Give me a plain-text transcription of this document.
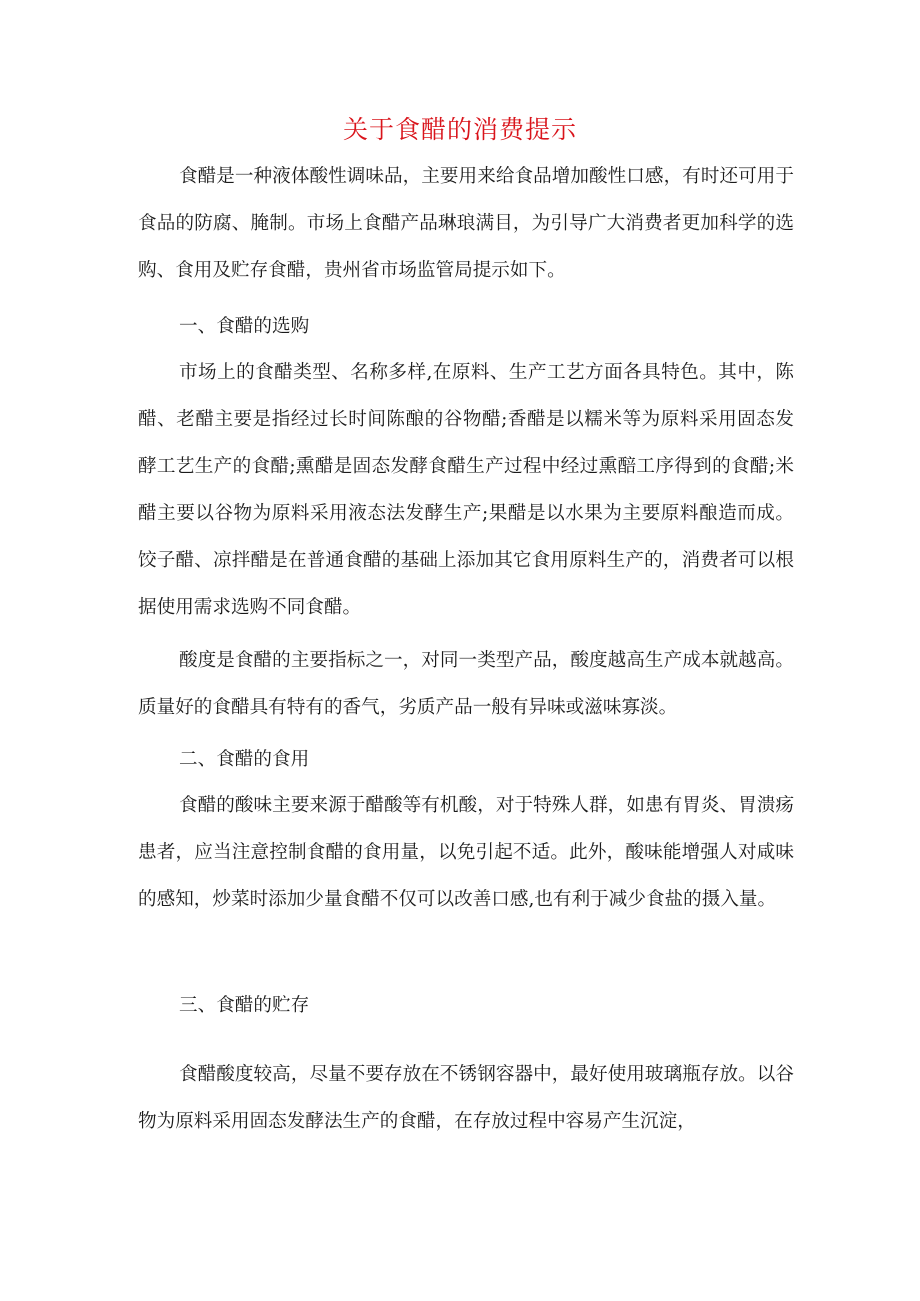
关于食醋的消费提示

食醋是一种液体酸性调味品，主要用来给食品增加酸性口感，有时还可用于食品的防腐、腌制。市场上食醋产品琳琅满目，为引导广大消费者更加科学的选购、食用及贮存食醋，贵州省市场监管局提示如下。

一、食醋的选购

市场上的食醋类型、名称多样,在原料、生产工艺方面各具特色。其中，陈醋、老醋主要是指经过长时间陈酿的谷物醋;香醋是以糯米等为原料采用固态发酵工艺生产的食醋;熏醋是固态发酵食醋生产过程中经过熏醅工序得到的食醋;米醋主要以谷物为原料采用液态法发酵生产;果醋是以水果为主要原料酿造而成。饺子醋、凉拌醋是在普通食醋的基础上添加其它食用原料生产的，消费者可以根据使用需求选购不同食醋。

酸度是食醋的主要指标之一，对同一类型产品，酸度越高生产成本就越高。质量好的食醋具有特有的香气，劣质产品一般有异味或滋味寡淡。

二、食醋的食用

食醋的酸味主要来源于醋酸等有机酸，对于特殊人群，如患有胃炎、胃溃疡患者，应当注意控制食醋的食用量，以免引起不适。此外，酸味能增强人对咸味的感知，炒菜时添加少量食醋不仅可以改善口感,也有利于减少食盐的摄入量。

三、食醋的贮存

食醋酸度较高，尽量不要存放在不锈钢容器中，最好使用玻璃瓶存放。以谷物为原料采用固态发酵法生产的食醋，在存放过程中容易产生沉淀，
